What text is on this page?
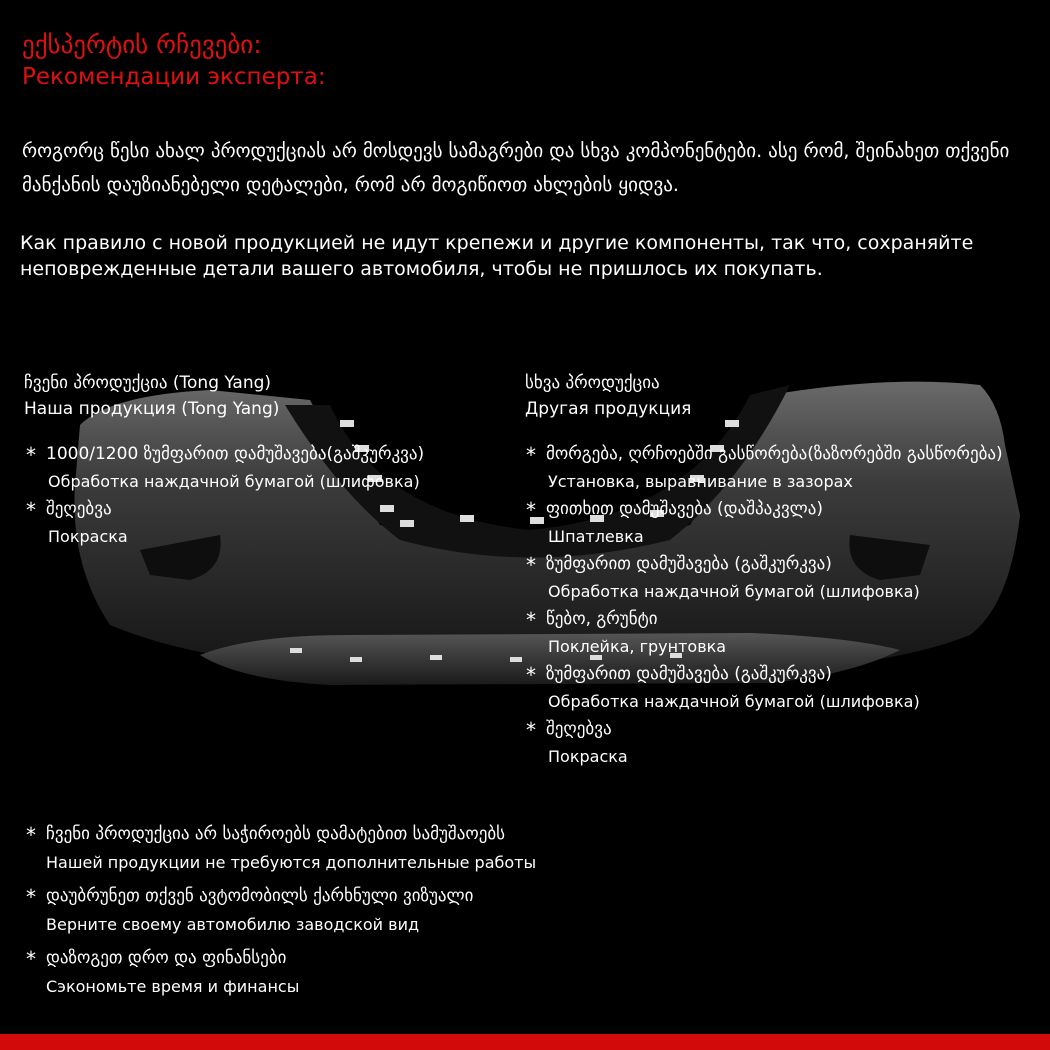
ექსპერტის რჩევები:
Рекомендации эксперта:
როგორც წესი ახალ პროდუქციას არ მოსდევს სამაგრები და სხვა კომპონენტები. ასე რომ, შეინახეთ თქვენი მანქანის დაუზიანებელი დეტალები, რომ არ მოგიწიოთ ახლების ყიდვა.
Как правило с новой продукцией не идут крепежи и другие компоненты, так что, сохраняйте неповрежденные детали вашего автомобиля, чтобы не пришлось их покупать.
ჩვენი პროდუქცია (Tong Yang)
Наша продукция (Tong Yang)
* 1000/1200 ზუმფარით დამუშავება(გაშკურკვა)
Обработка наждачной бумагой (шлифовка)
* შეღებვა
Покраска
სხვა პროდუქცია
Другая продукция
* მორგება, ღრჩოებში გასწორება(ზაზორებში გასწორება)
Установка, выравнивание в зазорах
* ფითხით დამუშავება (დაშპაკვლა)
Шпатлевка
* ზუმფარით დამუშავება (გაშკურკვა)
Обработка наждачной бумагой (шлифовка)
* წებო, გრუნტი
Поклейка, грунтовка
* ზუმფარით დამუშავება (გაშკურკვა)
Обработка наждачной бумагой (шлифовка)
* შეღებვა
Покраска
* ჩვენი პროდუქცია არ საჭიროებს დამატებით სამუშაოებს
Нашей продукции не требуются дополнительные работы
* დაუბრუნეთ თქვენ ავტომობილს ქარხნული ვიზუალი
Верните своему автомобилю заводской вид
* დაზოგეთ დრო და ფინანსები
Сэкономьте время и финансы
